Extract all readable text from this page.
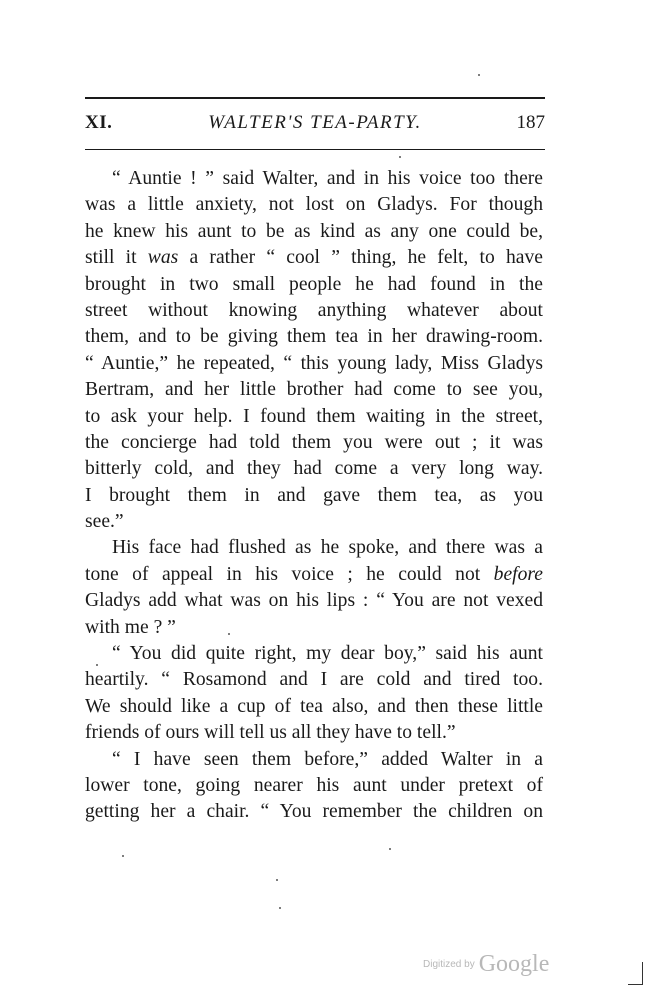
XI.	WALTER'S TEA-PARTY.	187
“ Auntie ! ” said Walter, and in his voice too there
was a little anxiety, not lost on Gladys. For though
he knew his aunt to be as kind as any one could be,
still it was a rather “ cool ” thing, he felt, to have
brought in two small people he had found in the
street without knowing anything whatever about
them, and to be giving them tea in her drawing-room.
“ Auntie,” he repeated, “ this young lady, Miss Gladys
Bertram, and her little brother had come to see you,
to ask your help. I found them waiting in the street,
the concierge had told them you were out ; it was
bitterly cold, and they had come a very long way.
I brought them in and gave them tea, as you
see.”
His face had flushed as he spoke, and there was a
tone of appeal in his voice ; he could not before
Gladys add what was on his lips : “ You are not vexed
with me ? ”
“ You did quite right, my dear boy,” said his aunt
heartily. “ Rosamond and I are cold and tired too.
We should like a cup of tea also, and then these little
friends of ours will tell us all they have to tell.”
“ I have seen them before,” added Walter in a
lower tone, going nearer his aunt under pretext of
getting her a chair. “ You remember the children on
Digitized by Google
